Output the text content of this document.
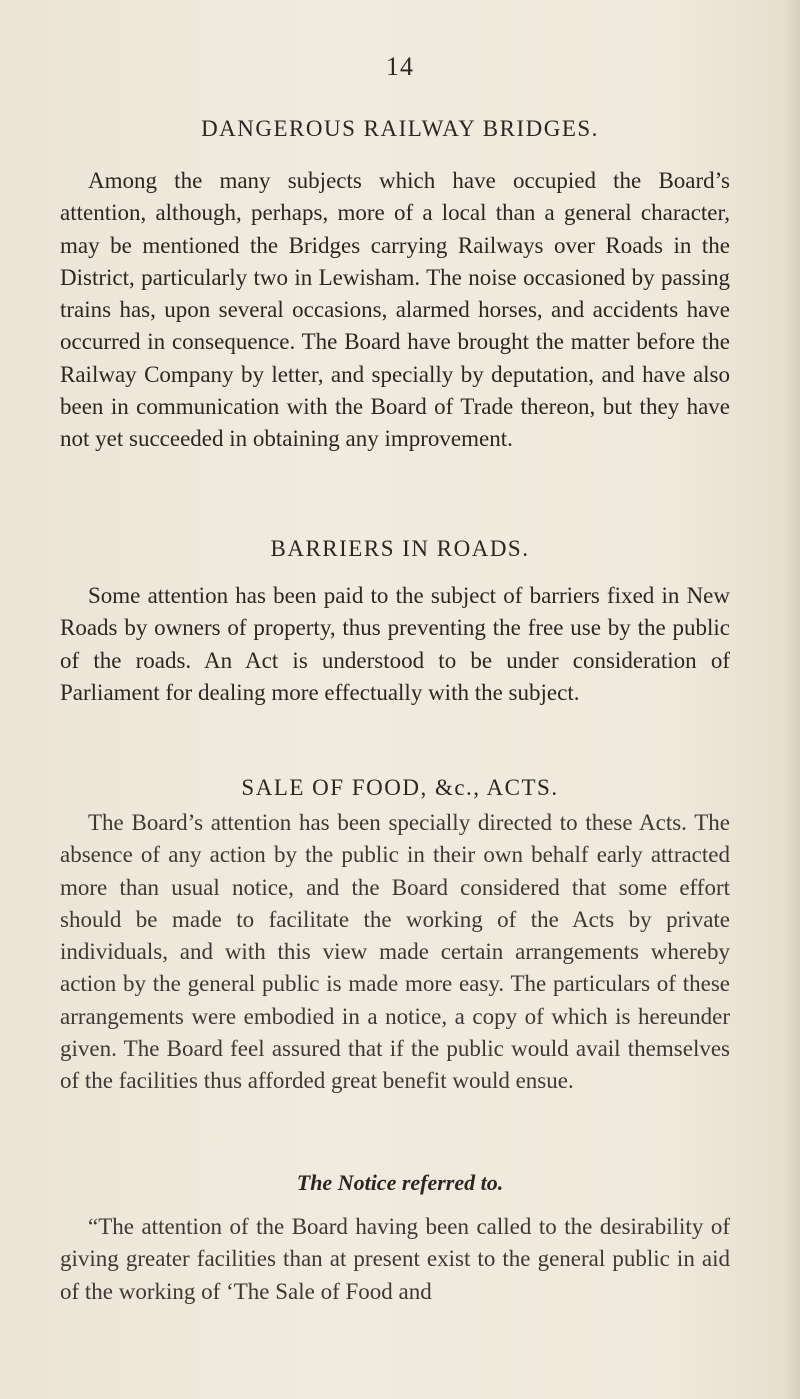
14
DANGEROUS RAILWAY BRIDGES.

Among the many subjects which have occupied the Board’s attention, although, perhaps, more of a local than a general character, may be mentioned the Bridges carrying Railways over Roads in the District, particularly two in Lewisham. The noise occasioned by passing trains has, upon several occasions, alarmed horses, and accidents have occurred in consequence. The Board have brought the matter before the Railway Company by letter, and specially by deputation, and have also been in communication with the Board of Trade thereon, but they have not yet succeeded in obtaining any improvement.

BARRIERS IN ROADS.

Some attention has been paid to the subject of barriers fixed in New Roads by owners of property, thus preventing the free use by the public of the roads. An Act is understood to be under consideration of Parliament for dealing more effectually with the subject.

SALE OF FOOD, &c., ACTS.

The Board’s attention has been specially directed to these Acts. The absence of any action by the public in their own behalf early attracted more than usual notice, and the Board considered that some effort should be made to facilitate the working of the Acts by private individuals, and with this view made certain arrangements whereby action by the general public is made more easy. The particulars of these arrangements were embodied in a notice, a copy of which is hereunder given. The Board feel assured that if the public would avail themselves of the facilities thus afforded great benefit would ensue.

The Notice referred to.

“The attention of the Board having been called to the desirability of giving greater facilities than at present exist to the general public in aid of the working of ‘The Sale of Food and
